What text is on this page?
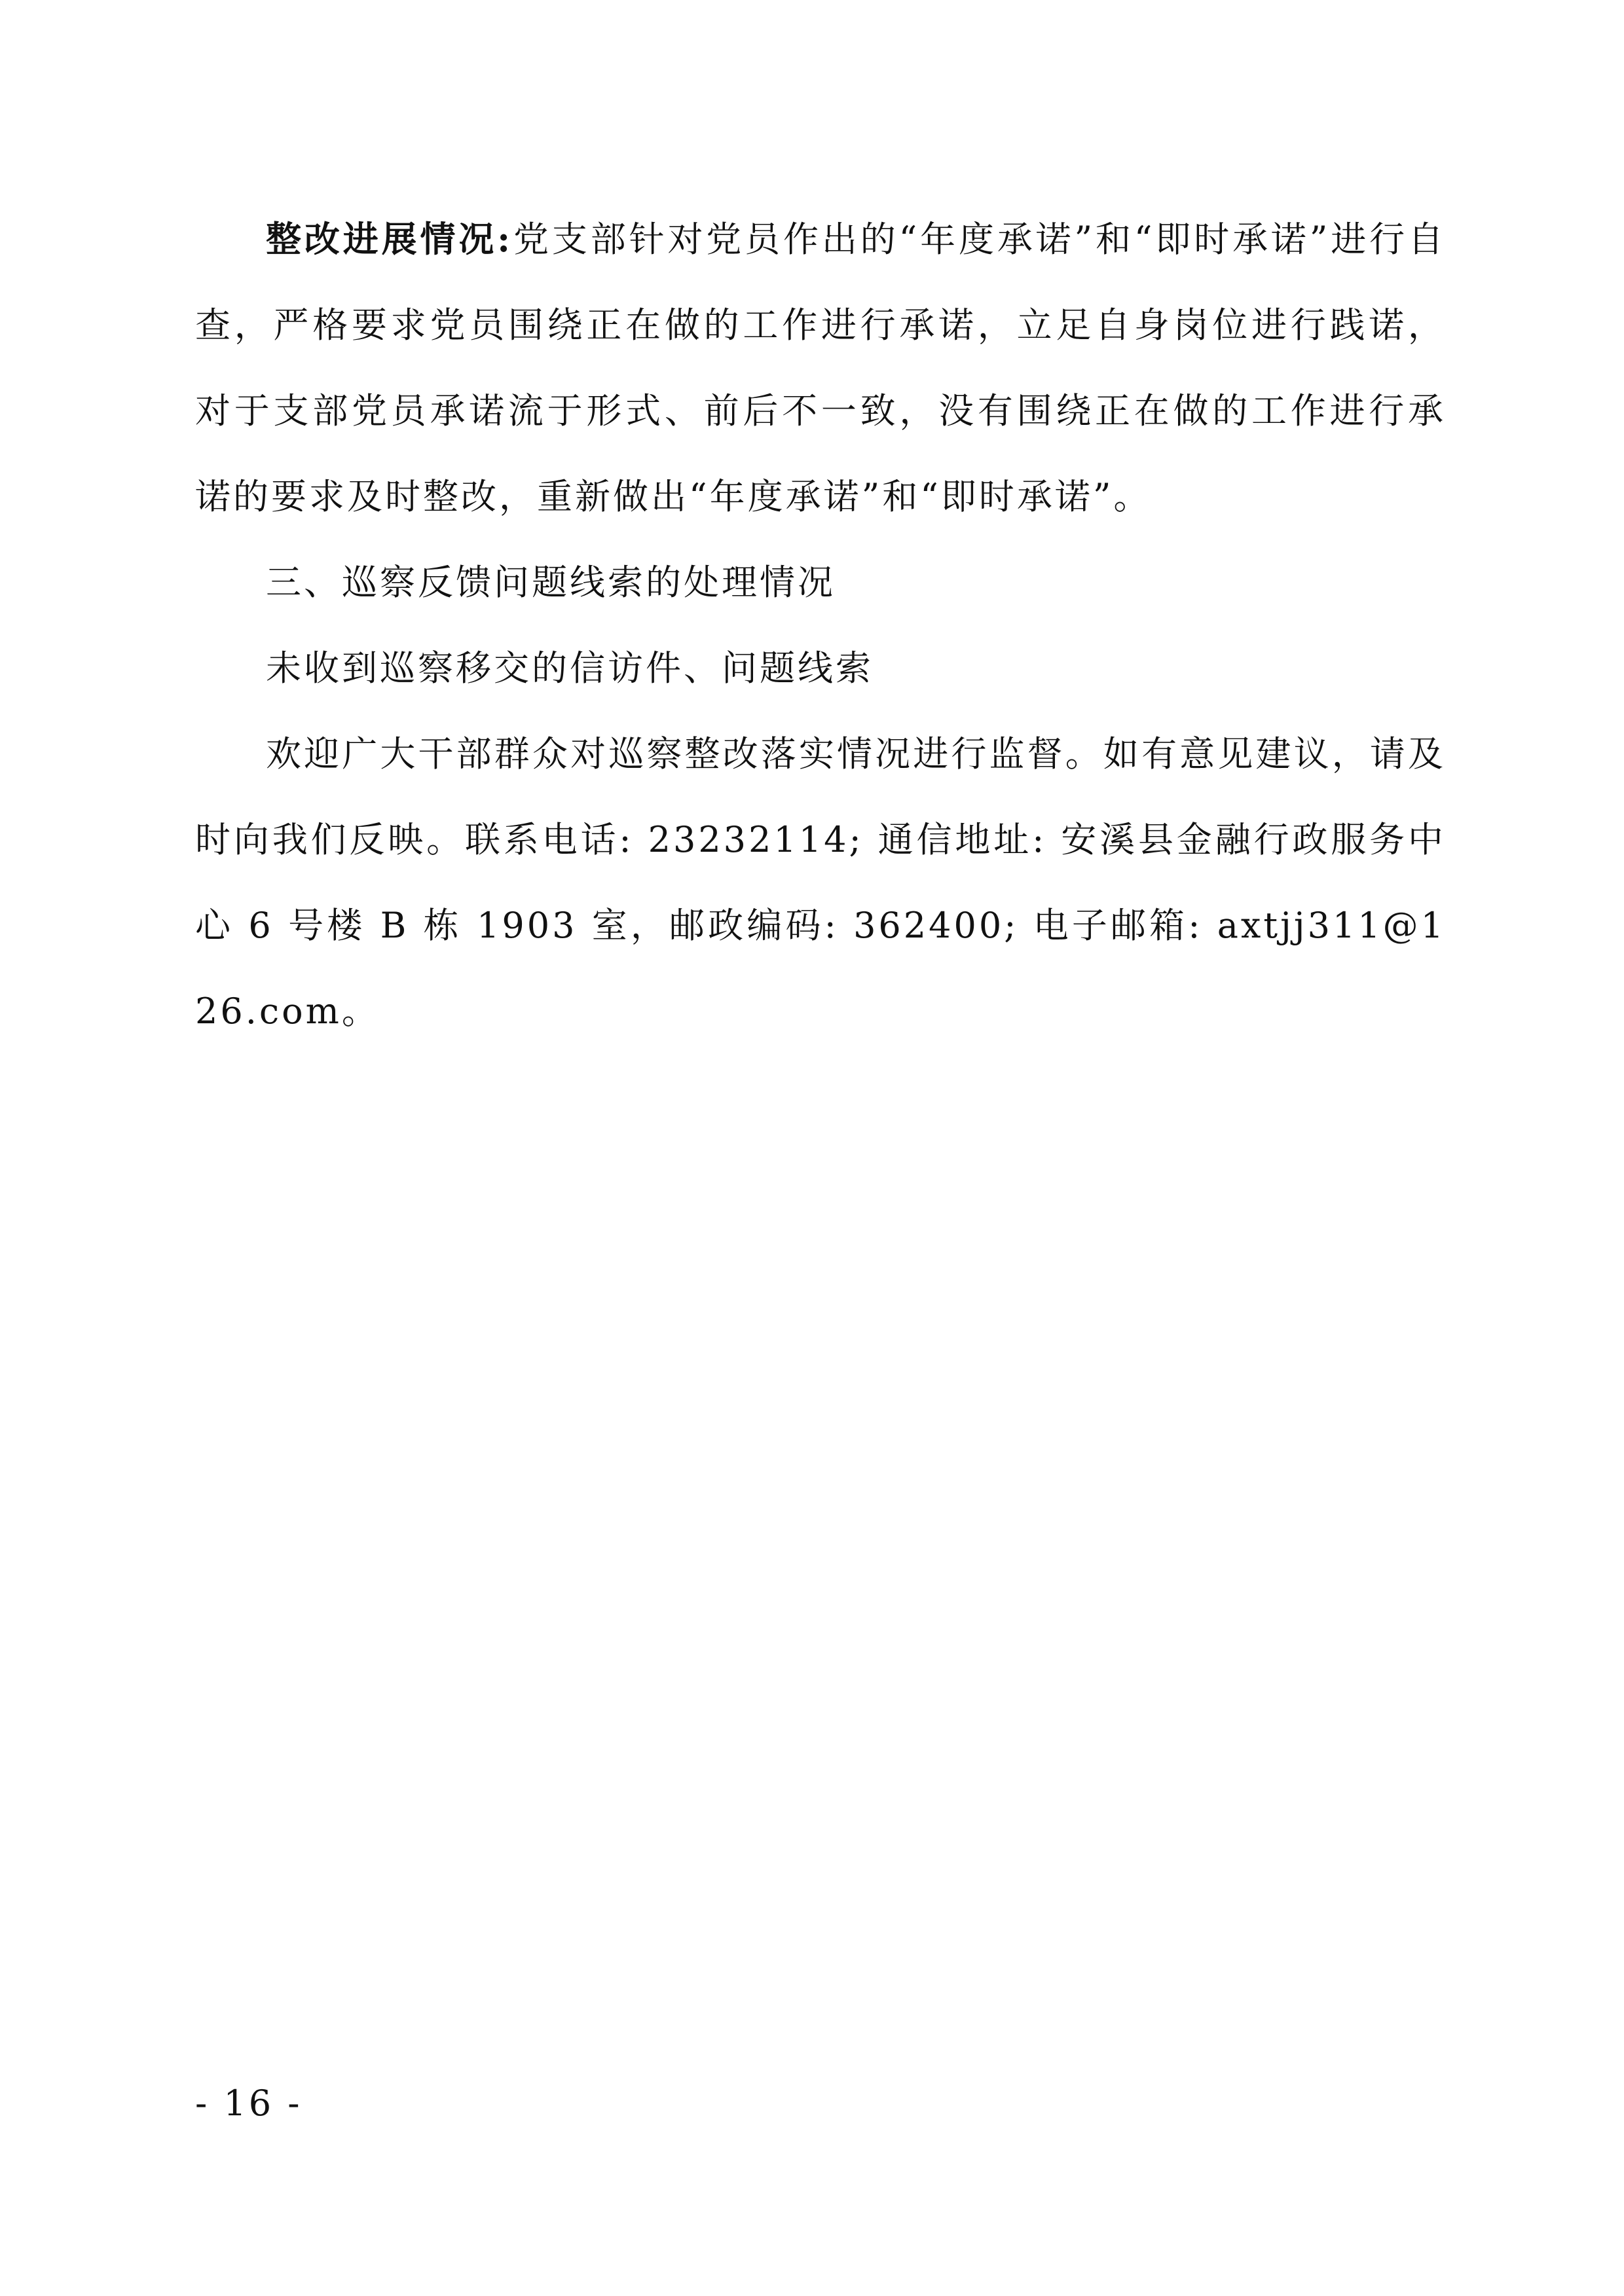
整改进展情况:党支部针对党员作出的“年度承诺”和“即时承诺”进行自查，严格要求党员围绕正在做的工作进行承诺，立足自身岗位进行践诺，对于支部党员承诺流于形式、前后不一致，没有围绕正在做的工作进行承诺的要求及时整改，重新做出“年度承诺”和“即时承诺”。

三、巡察反馈问题线索的处理情况

未收到巡察移交的信访件、问题线索

欢迎广大干部群众对巡察整改落实情况进行监督。如有意见建议，请及时向我们反映。联系电话: 23232114; 通信地址: 安溪县金融行政服务中心 6 号楼 B 栋 1903 室，邮政编码: 362400; 电子邮箱: axtjj311@126.com。

- 16 -
